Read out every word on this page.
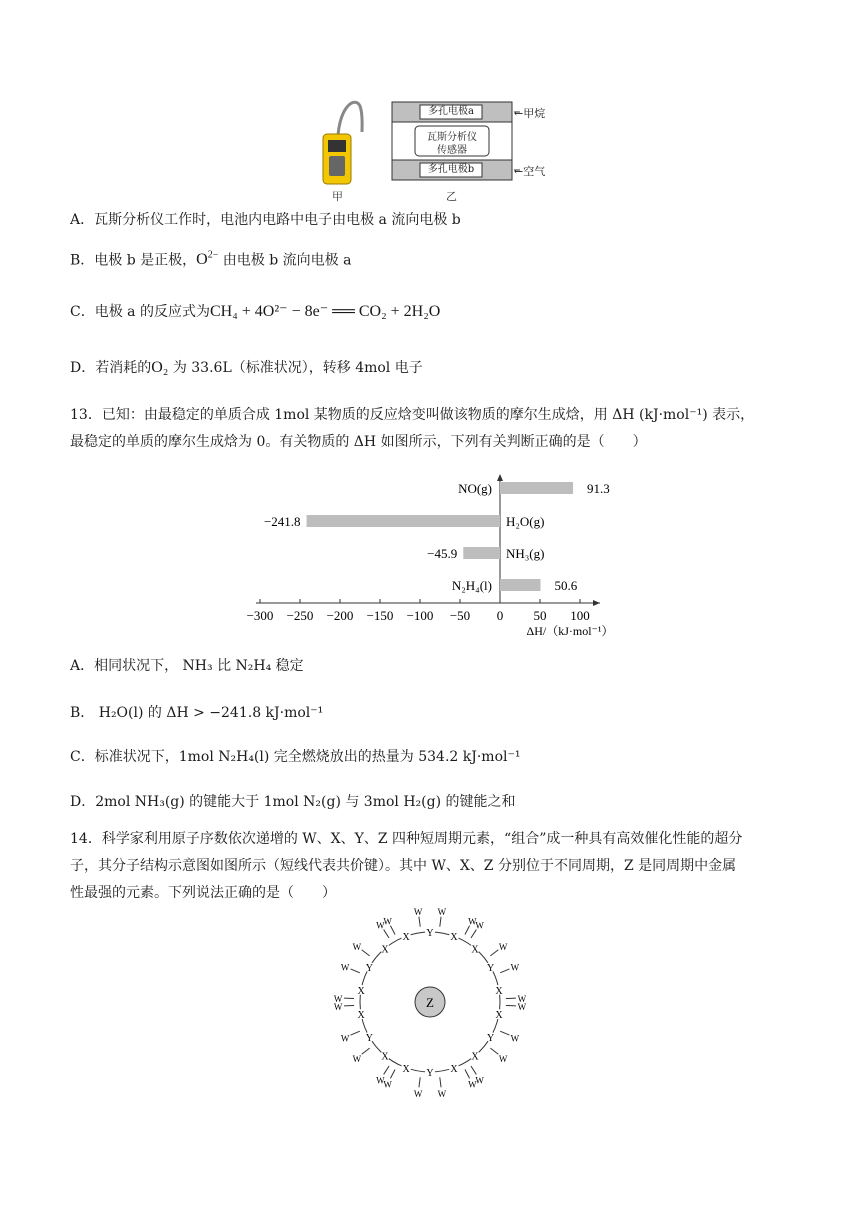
多孔电极a
瓦斯分析仪
传感器
多孔电极b
←甲烷
←空气
甲	乙
A．瓦斯分析仪工作时，电池内电路中电子由电极 a 流向电极 b
B．电极 b 是正极，$O^{2-}$ 由电极 b 流向电极 a
C．电极 a 的反应式为CH₄ + 4O²⁻ − 8e⁻ ══ CO₂ + 2H₂O
D．若消耗的O₂ 为 33.6L（标准状况），转移 4mol 电子
13．已知：由最稳定的单质合成 1mol 某物质的反应焓变叫做该物质的摩尔生成焓，用 ΔH (kJ·mol⁻¹) 表示，
最稳定的单质的摩尔生成焓为 0。有关物质的 ΔH 如图所示，下列有关判断正确的是（　　）
−300 −250 −200 −150 −100 −50 0 50 100
ΔH/（kJ·mol⁻¹）
NO(g)	91.3
H₂O(g)
−241.8
NH₃(g)
−45.9
N₂H₄(l)	50.6
A．相同状况下， NH₃ 比 N₂H₄ 稳定
B． H₂O(l) 的 ΔH > −241.8 kJ·mol⁻¹
C．标准状况下，1mol N₂H₄(l) 完全燃烧放出的热量为 534.2 kJ·mol⁻¹
D．2mol NH₃(g) 的键能大于 1mol N₂(g) 与 3mol H₂(g) 的键能之和
14．科学家利用原子序数依次递增的 W、X、Y、Z 四种短周期元素，“组合”成一种具有高效催化性能的超分
子，其分子结构示意图如图所示（短线代表共价键）。其中 W、X、Z 分别位于不同周期，Z 是同周期中金属
性最强的元素。下列说法正确的是（　　）
Z
Y X
W
W
X
W
W
Y
X
W
W
X
W
W
Y
X W
W
X
W
W
Y
X
W
W
X
W
W
Y
X
W
W
X
W
W Y
X
W
W
X
W
W
